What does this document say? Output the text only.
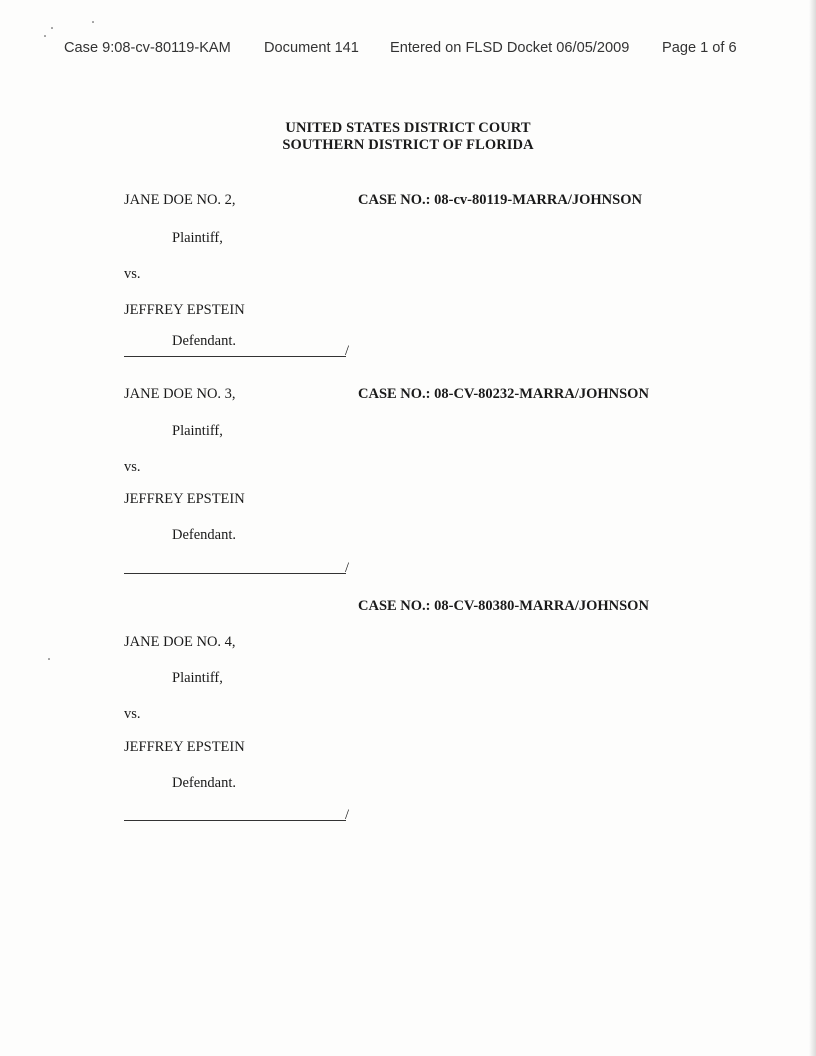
Case 9:08-cv-80119-KAM Document 141 Entered on FLSD Docket 06/05/2009 Page 1 of 6
UNITED STATES DISTRICT COURT
SOUTHERN DISTRICT OF FLORIDA
JANE DOE NO. 2,	CASE NO.: 08-cv-80119-MARRA/JOHNSON
Plaintiff,
vs.
JEFFREY EPSTEIN
Defendant.
/
JANE DOE NO. 3,	CASE NO.: 08-CV-80232-MARRA/JOHNSON
Plaintiff,
vs.
JEFFREY EPSTEIN
Defendant.
/
CASE NO.: 08-CV-80380-MARRA/JOHNSON
JANE DOE NO. 4,
Plaintiff,
vs.
JEFFREY EPSTEIN
Defendant.
/
